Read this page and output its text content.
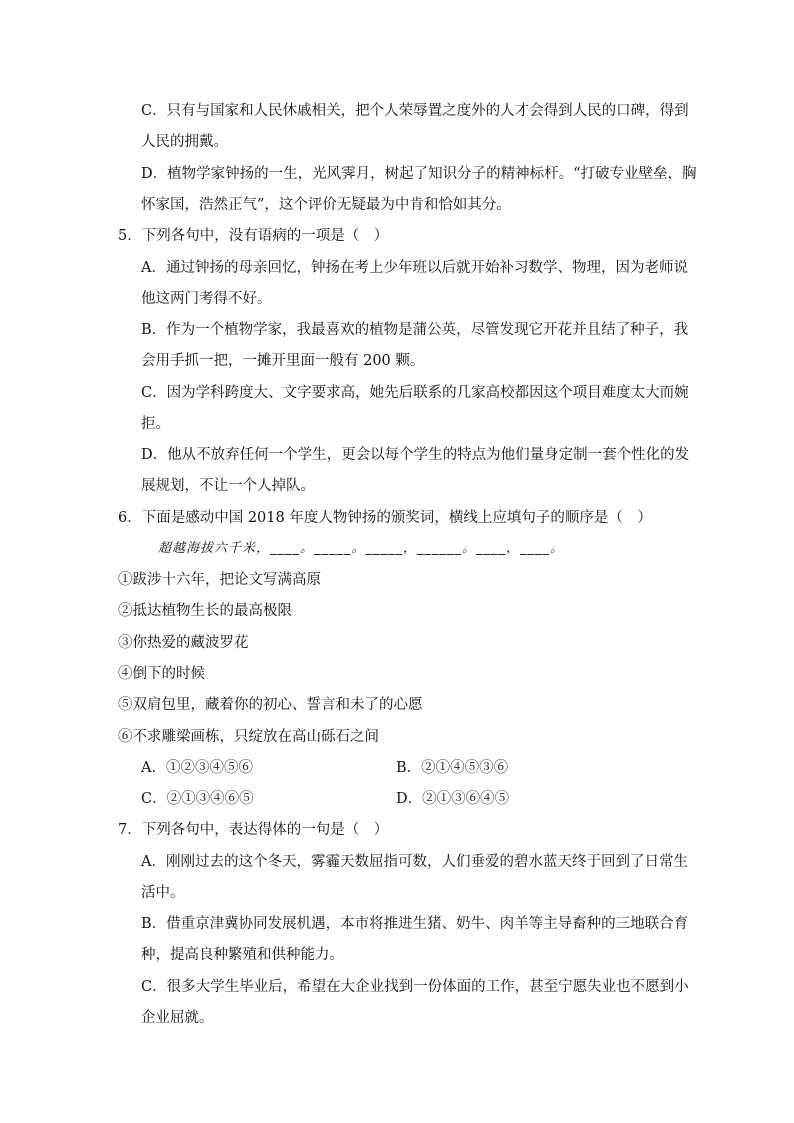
C．只有与国家和人民休戚相关，把个人荣辱置之度外的人才会得到人民的口碑，得到
人民的拥戴。
D．植物学家钟扬的一生，光风霁月，树起了知识分子的精神标杆。“打破专业壁垒，胸
怀家国，浩然正气”，这个评价无疑最为中肯和恰如其分。
5．下列各句中，没有语病的一项是（　）
A．通过钟扬的母亲回忆，钟扬在考上少年班以后就开始补习数学、物理，因为老师说
他这两门考得不好。
B．作为一个植物学家，我最喜欢的植物是蒲公英，尽管发现它开花并且结了种子，我
会用手抓一把，一摊开里面一般有 200 颗。
C．因为学科跨度大、文字要求高，她先后联系的几家高校都因这个项目难度太大而婉
拒。
D．他从不放弃任何一个学生，更会以每个学生的特点为他们量身定制一套个性化的发
展规划，不让一个人掉队。
6．下面是感动中国 2018 年度人物钟扬的颁奖词，横线上应填句子的顺序是（　）
超越海拔六千米，____。_____。_____，______。____，____。
①跋涉十六年，把论文写满高原
②抵达植物生长的最高极限
③你热爱的藏波罗花
④倒下的时候
⑤双肩包里，藏着你的初心、誓言和未了的心愿
⑥不求雕梁画栋，只绽放在高山砾石之间
A．①②③④⑤⑥	B．②①④⑤③⑥
C．②①③④⑥⑤	D．②①③⑥④⑤
7．下列各句中，表达得体的一句是（　）
A．刚刚过去的这个冬天，雾霾天数屈指可数，人们垂爱的碧水蓝天终于回到了日常生
活中。
B．借重京津冀协同发展机遇，本市将推进生猪、奶牛、肉羊等主导畜种的三地联合育
种，提高良种繁殖和供种能力。
C．很多大学生毕业后，希望在大企业找到一份体面的工作，甚至宁愿失业也不愿到小
企业屈就。
